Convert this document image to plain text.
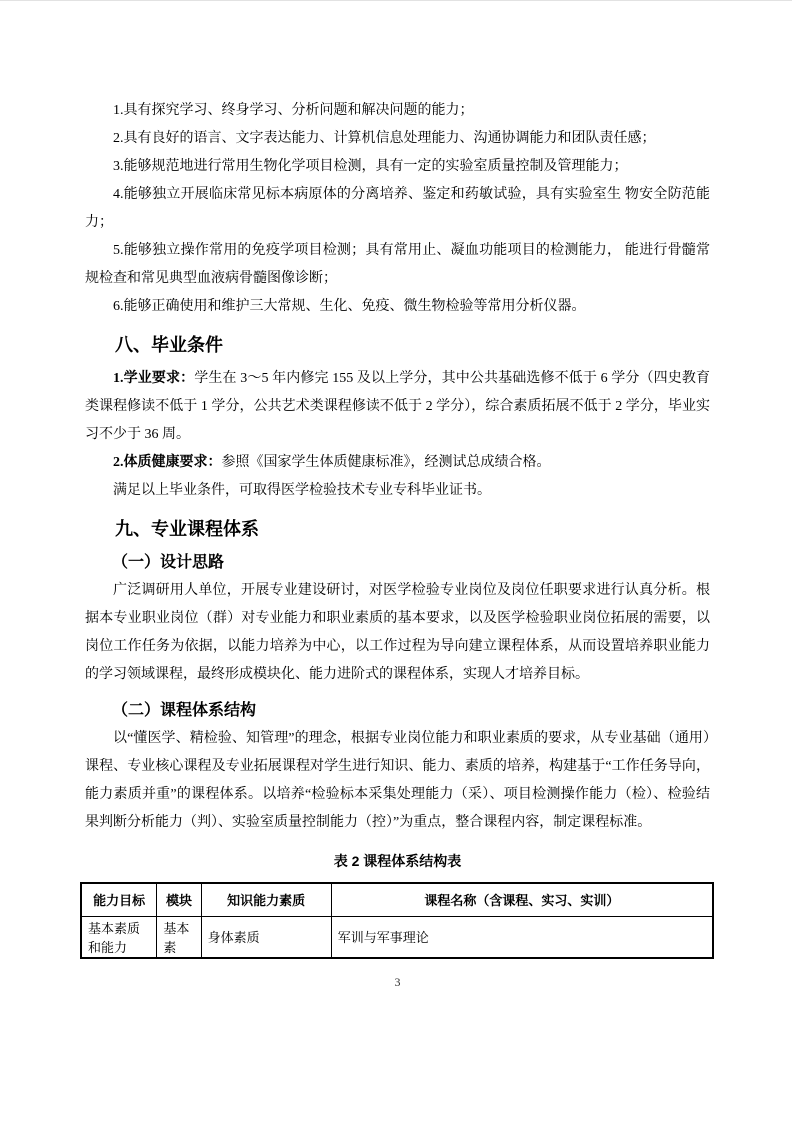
1.具有探究学习、终身学习、分析问题和解决问题的能力；

2.具有良好的语言、文字表达能力、计算机信息处理能力、沟通协调能力和团队责任感；

3.能够规范地进行常用生物化学项目检测，具有一定的实验室质量控制及管理能力；

4.能够独立开展临床常见标本病原体的分离培养、鉴定和药敏试验，具有实验室生 物安全防范能力；

5.能够独立操作常用的免疫学项目检测；具有常用止、凝血功能项目的检测能力， 能进行骨髓常规检查和常见典型血液病骨髓图像诊断；

6.能够正确使用和维护三大常规、生化、免疫、微生物检验等常用分析仪器。

八、毕业条件

1.学业要求：学生在 3～5 年内修完 155 及以上学分，其中公共基础选修不低于 6 学分（四史教育类课程修读不低于 1 学分，公共艺术类课程修读不低于 2 学分），综合素质拓展不低于 2 学分，毕业实习不少于 36 周。

2.体质健康要求：参照《国家学生体质健康标准》，经测试总成绩合格。

满足以上毕业条件，可取得医学检验技术专业专科毕业证书。

九、专业课程体系
（一）设计思路

广泛调研用人单位，开展专业建设研讨，对医学检验专业岗位及岗位任职要求进行认真分析。根据本专业职业岗位（群）对专业能力和职业素质的基本要求，以及医学检验职业岗位拓展的需要，以岗位工作任务为依据，以能力培养为中心，以工作过程为导向建立课程体系，从而设置培养职业能力的学习领域课程，最终形成模块化、能力进阶式的课程体系，实现人才培养目标。

（二）课程体系结构

以“懂医学、精检验、知管理”的理念，根据专业岗位能力和职业素质的要求，从专业基础（通用）课程、专业核心课程及专业拓展课程对学生进行知识、能力、素质的培养，构建基于“工作任务导向，能力素质并重”的课程体系。以培养“检验标本采集处理能力（采）、项目检测操作能力（检）、检验结果判断分析能力（判）、实验室质量控制能力（控）”为重点，整合课程内容，制定课程标准。

表 2 课程体系结构表
能力目标	模块	知识能力素质	课程名称（含课程、实习、实训）
基本素质和能力	基本素	身体素质	军训与军事理论
3
